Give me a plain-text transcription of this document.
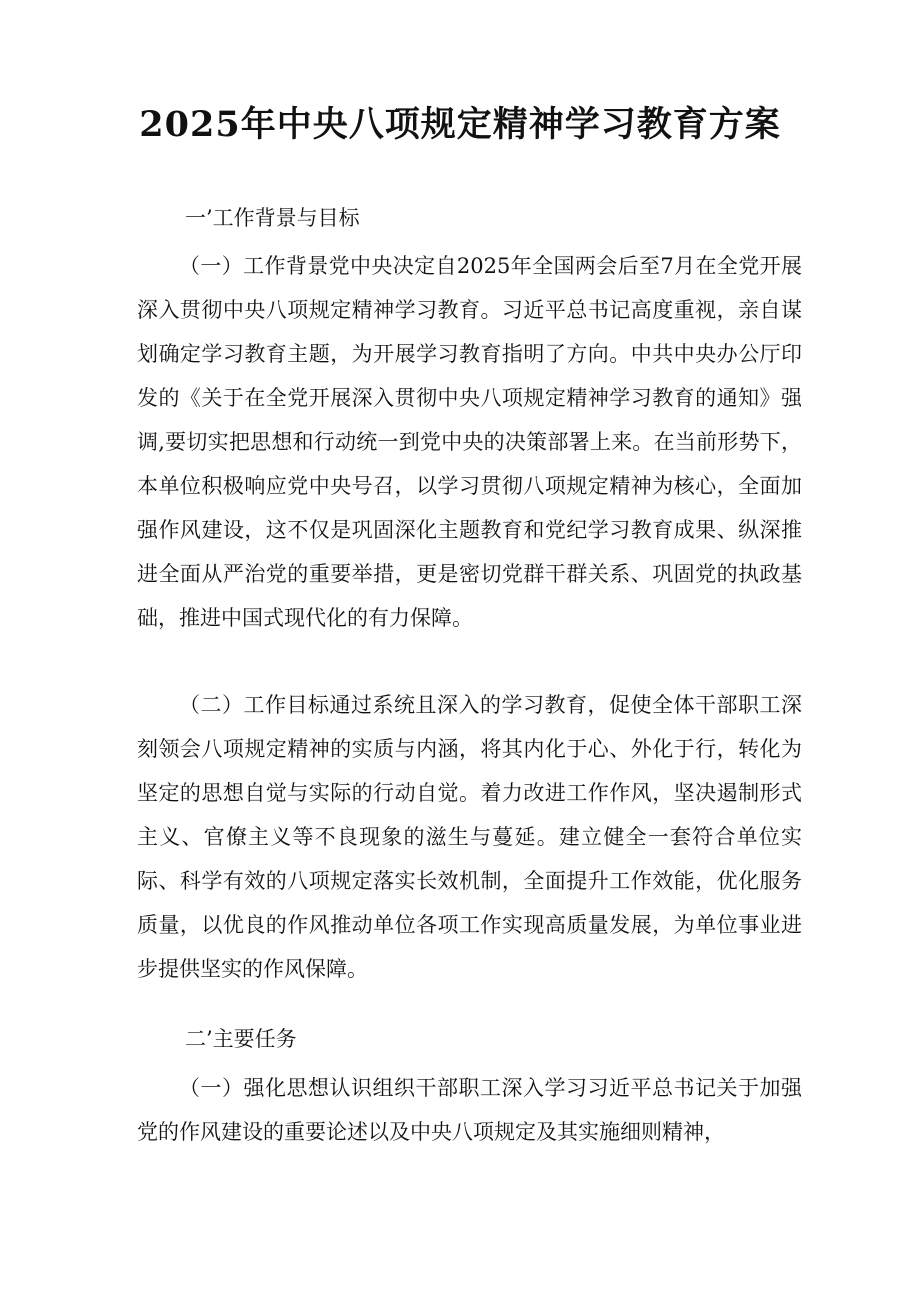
2025年中央八项规定精神学习教育方案
一’工作背景与目标
（一）工作背景党中央决定自2025年全国两会后至7月在全党开展深入贯彻中央八项规定精神学习教育。习近平总书记高度重视，亲自谋划确定学习教育主题，为开展学习教育指明了方向。中共中央办公厅印发的《关于在全党开展深入贯彻中央八项规定精神学习教育的通知》强调,要切实把思想和行动统一到党中央的决策部署上来。在当前形势下，本单位积极响应党中央号召，以学习贯彻八项规定精神为核心，全面加强作风建设，这不仅是巩固深化主题教育和党纪学习教育成果、纵深推进全面从严治党的重要举措，更是密切党群干群关系、巩固党的执政基础，推进中国式现代化的有力保障。
（二）工作目标通过系统且深入的学习教育，促使全体干部职工深刻领会八项规定精神的实质与内涵，将其内化于心、外化于行，转化为坚定的思想自觉与实际的行动自觉。着力改进工作作风，坚决遏制形式主义、官僚主义等不良现象的滋生与蔓延。建立健全一套符合单位实际、科学有效的八项规定落实长效机制，全面提升工作效能，优化服务质量，以优良的作风推动单位各项工作实现高质量发展，为单位事业进步提供坚实的作风保障。
二’主要任务
（一）强化思想认识组织干部职工深入学习习近平总书记关于加强党的作风建设的重要论述以及中央八项规定及其实施细则精神，
